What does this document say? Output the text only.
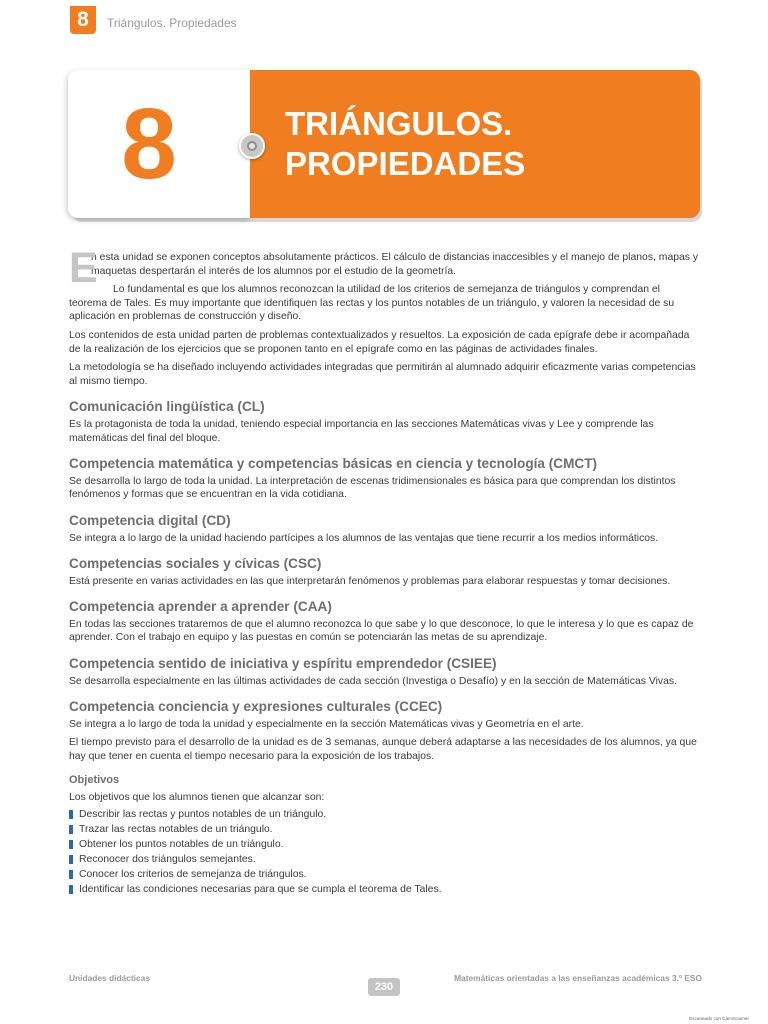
8	Triángulos. Propiedades
8	TRIÁNGULOS.
PROPIEDADES
E

n esta unidad se exponen conceptos absolutamente prácticos. El cálculo de distancias inaccesibles y el manejo de planos, mapas y maquetas despertarán el interés de los alumnos por el estudio de la geometría.

Lo fundamental es que los alumnos reconozcan la utilidad de los criterios de semejanza de triángulos y comprendan el teorema de Tales. Es muy importante que identifiquen las rectas y los puntos notables de un triángulo, y valoren la necesidad de su aplicación en problemas de construcción y diseño.

Los contenidos de esta unidad parten de problemas contextualizados y resueltos. La exposición de cada epígrafe debe ir acompañada de la realización de los ejercicios que se proponen tanto en el epígrafe como en las páginas de actividades finales.

La metodología se ha diseñado incluyendo actividades integradas que permitirán al alumnado adquirir eficazmente varias competencias al mismo tiempo.

Comunicación lingüística (CL)

Es la protagonista de toda la unidad, teniendo especial importancia en las secciones Matemáticas vivas y Lee y comprende las matemáticas del final del bloque.

Competencia matemática y competencias básicas en ciencia y tecnología (CMCT)

Se desarrolla lo largo de toda la unidad. La interpretación de escenas tridimensionales es básica para que comprendan los distintos fenómenos y formas que se encuentran en la vida cotidiana.

Competencia digital (CD)

Se integra a lo largo de la unidad haciendo partícipes a los alumnos de las ventajas que tiene recurrir a los medios informáticos.

Competencias sociales y cívicas (CSC)

Está presente en varias actividades en las que interpretarán fenómenos y problemas para elaborar respuestas y tomar decisiones.

Competencia aprender a aprender (CAA)

En todas las secciones trataremos de que el alumno reconozca lo que sabe y lo que desconoce, lo que le interesa y lo que es capaz de aprender. Con el trabajo en equipo y las puestas en común se potenciarán las metas de su aprendizaje.

Competencia sentido de iniciativa y espíritu emprendedor (CSIEE)

Se desarrolla especialmente en las últimas actividades de cada sección (Investiga o Desafío) y en la sección de Matemáticas Vivas.

Competencia conciencia y expresiones culturales (CCEC)

Se integra a lo largo de toda la unidad y especialmente en la sección Matemáticas vivas y Geometría en el arte.

El tiempo previsto para el desarrollo de la unidad es de 3 semanas, aunque deberá adaptarse a las necesidades de los alumnos, ya que hay que tener en cuenta el tiempo necesario para la exposición de los trabajos.

Objetivos

Los objetivos que los alumnos tienen que alcanzar son:

Describir las rectas y puntos notables de un triángulo.
Trazar las rectas notables de un triángulo.
Obtener los puntos notables de un triángulo.
Reconocer dos triángulos semejantes.
Conocer los criterios de semejanza de triángulos.
Identificar las condiciones necesarias para que se cumpla el teorema de Tales.
Unidades didácticas
230
Matemáticas orientadas a las enseñanzas académicas 3.º ESO
Escaneado con CamScanner
